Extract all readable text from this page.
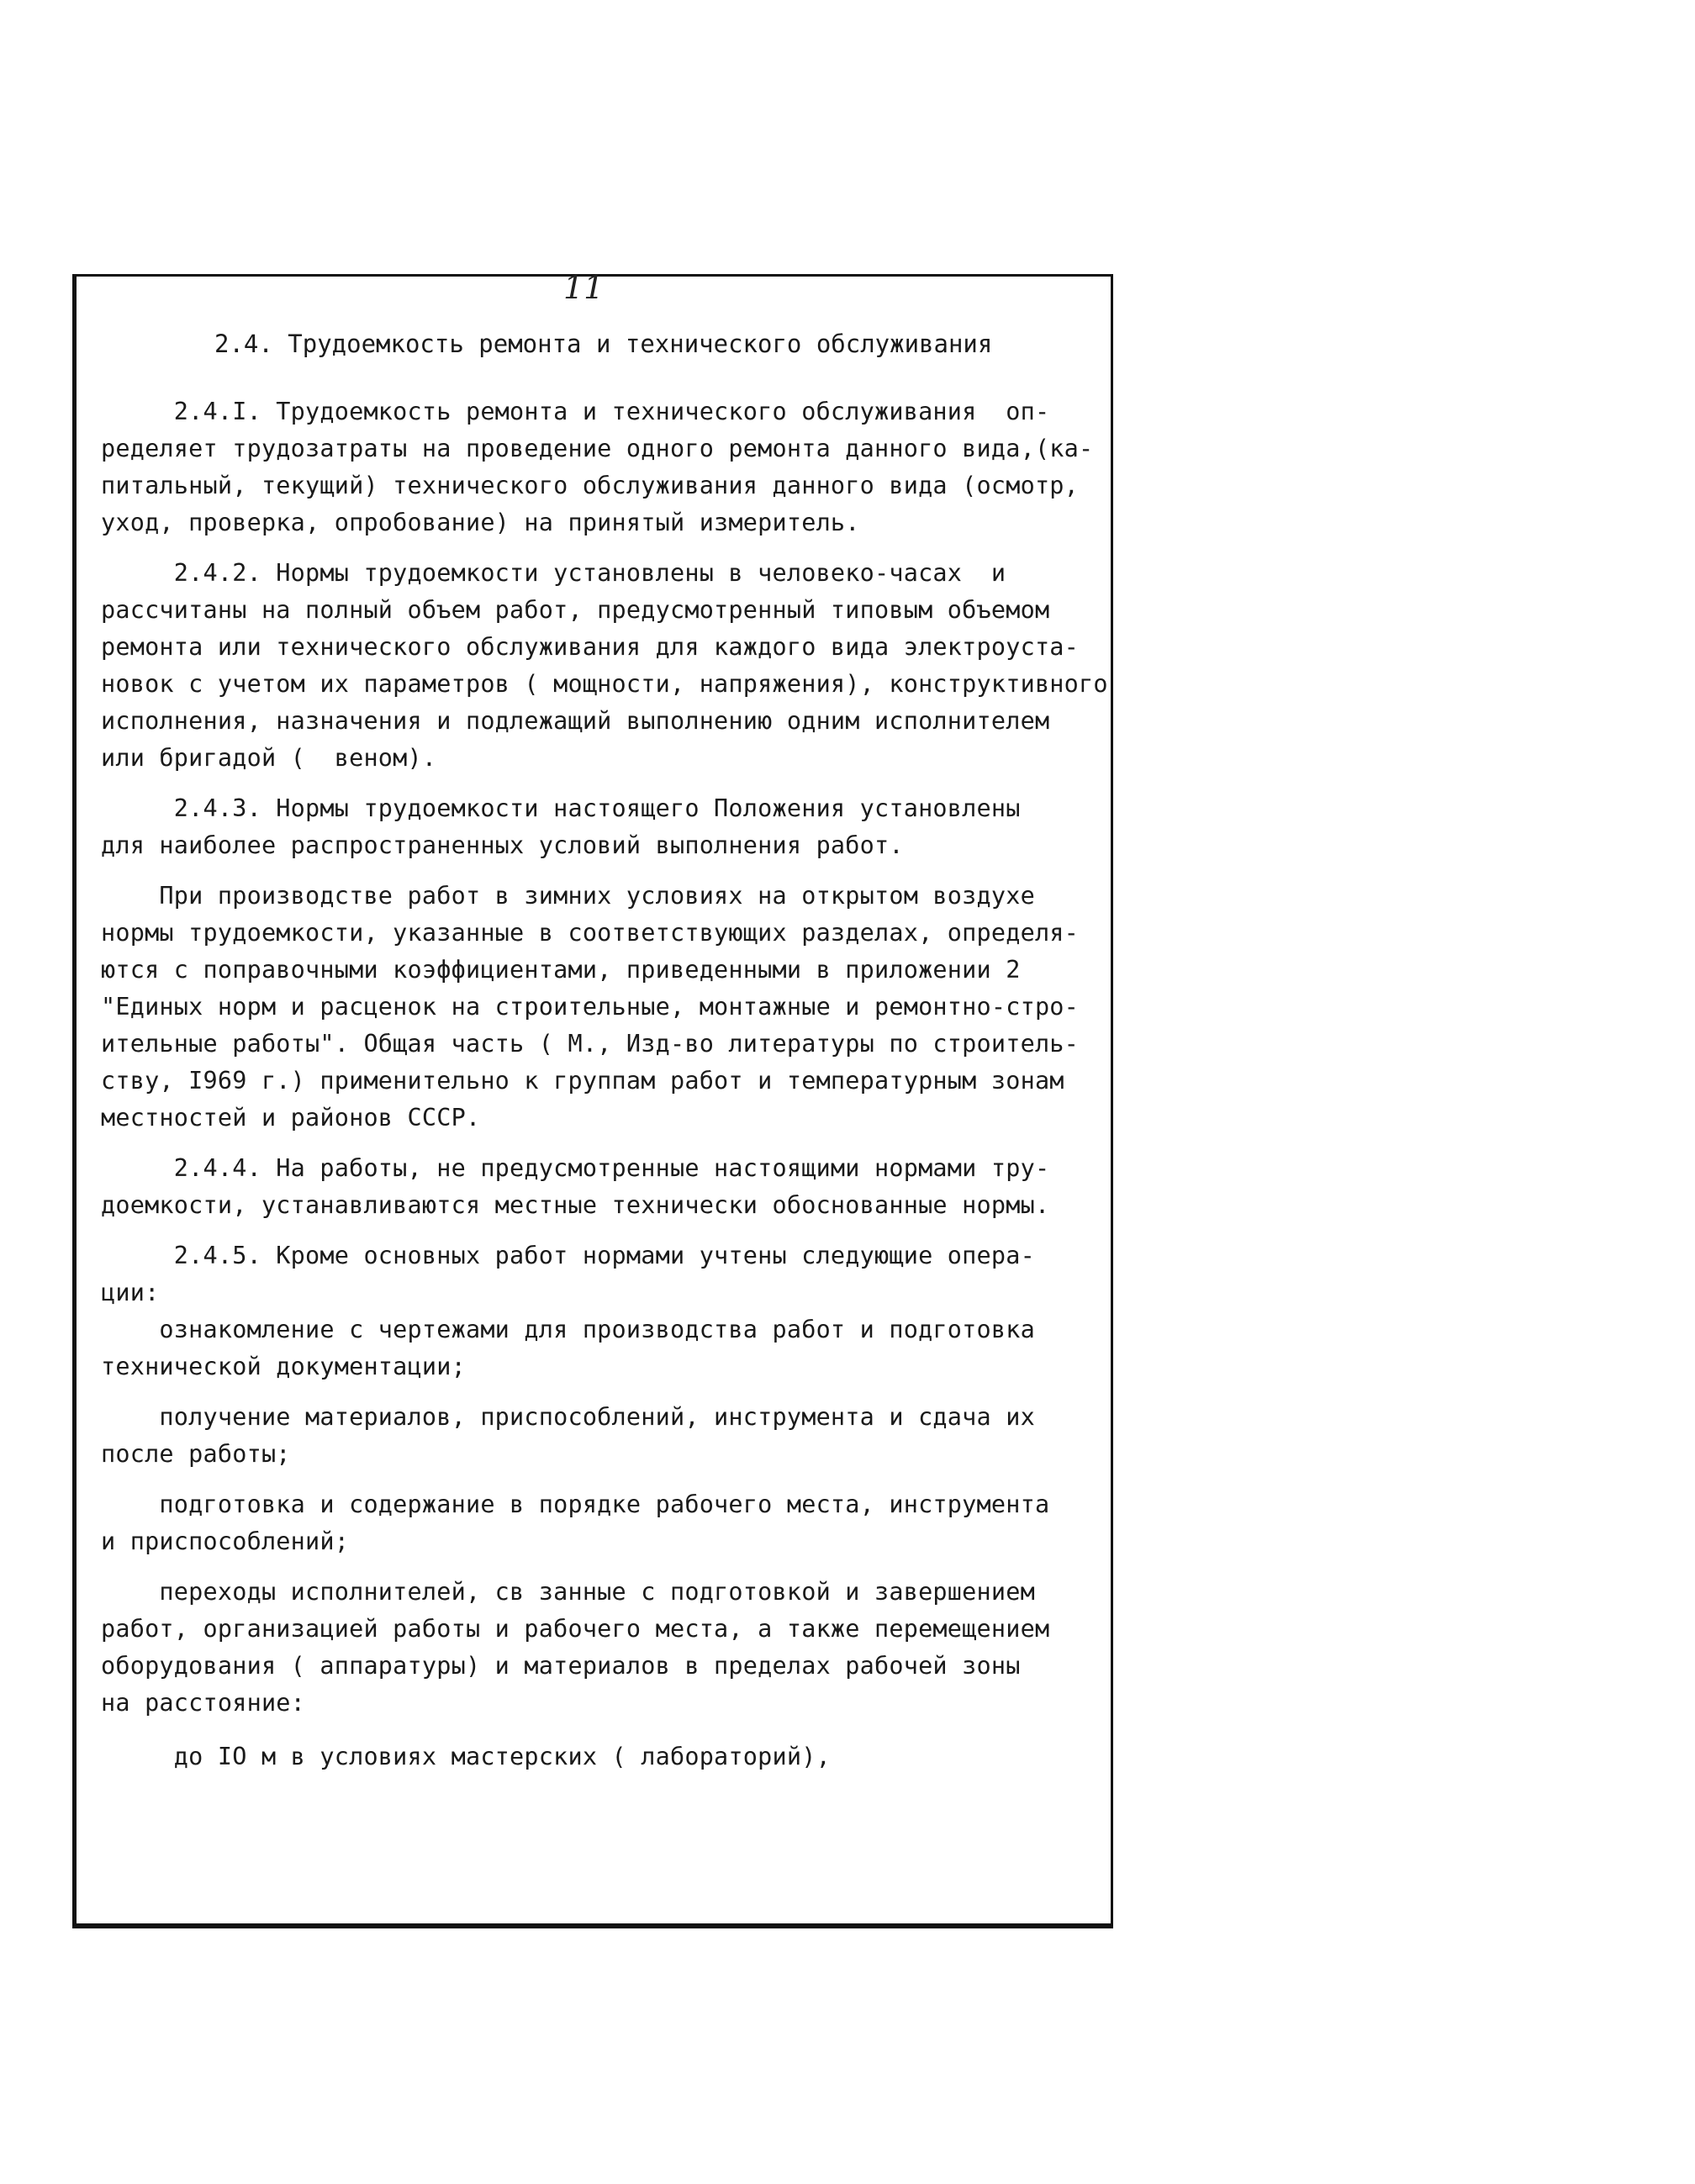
11
2.4. Трудоемкость ремонта и технического обслуживания
2.4.I. Трудоемкость ремонта и технического обслуживания  оп-
ределяет трудозатраты на проведение одного ремонта данного вида,(ка-
питальный, текущий) технического обслуживания данного вида (осмотр,
уход, проверка, опробование) на принятый измеритель.
2.4.2. Нормы трудоемкости установлены в человеко-часах  и
рассчитаны на полный объем работ, предусмотренный типовым объемом
ремонта или технического обслуживания для каждого вида электроуста-
новок с учетом их параметров ( мощности, напряжения), конструктивного
исполнения, назначения и подлежащий выполнению одним исполнителем
или бригадой (  веном).
2.4.3. Нормы трудоемкости настоящего Положения установлены
для наиболее распространенных условий выполнения работ.
При производстве работ в зимних условиях на открытом воздухе
нормы трудоемкости, указанные в соответствующих разделах, определя-
ются с поправочными коэффициентами, приведенными в приложении 2
"Единых норм и расценок на строительные, монтажные и ремонтно-стро-
ительные работы". Общая часть ( М., Изд-во литературы по строитель-
ству, I969 г.) применительно к группам работ и температурным зонам
местностей и районов СССР.
2.4.4. На работы, не предусмотренные настоящими нормами тру-
доемкости, устанавливаются местные технически обоснованные нормы.
2.4.5. Кроме основных работ нормами учтены следующие опера-
ции:
ознакомление с чертежами для производства работ и подготовка
технической документации;
получение материалов, приспособлений, инструмента и сдача их
после работы;
подготовка и содержание в порядке рабочего места, инструмента
и приспособлений;
переходы исполнителей, св занные с подготовкой и завершением
работ, организацией работы и рабочего места, а также перемещением
оборудования ( аппаратуры) и материалов в пределах рабочей зоны
на расстояние:
до IO м в условиях мастерских ( лабораторий),
